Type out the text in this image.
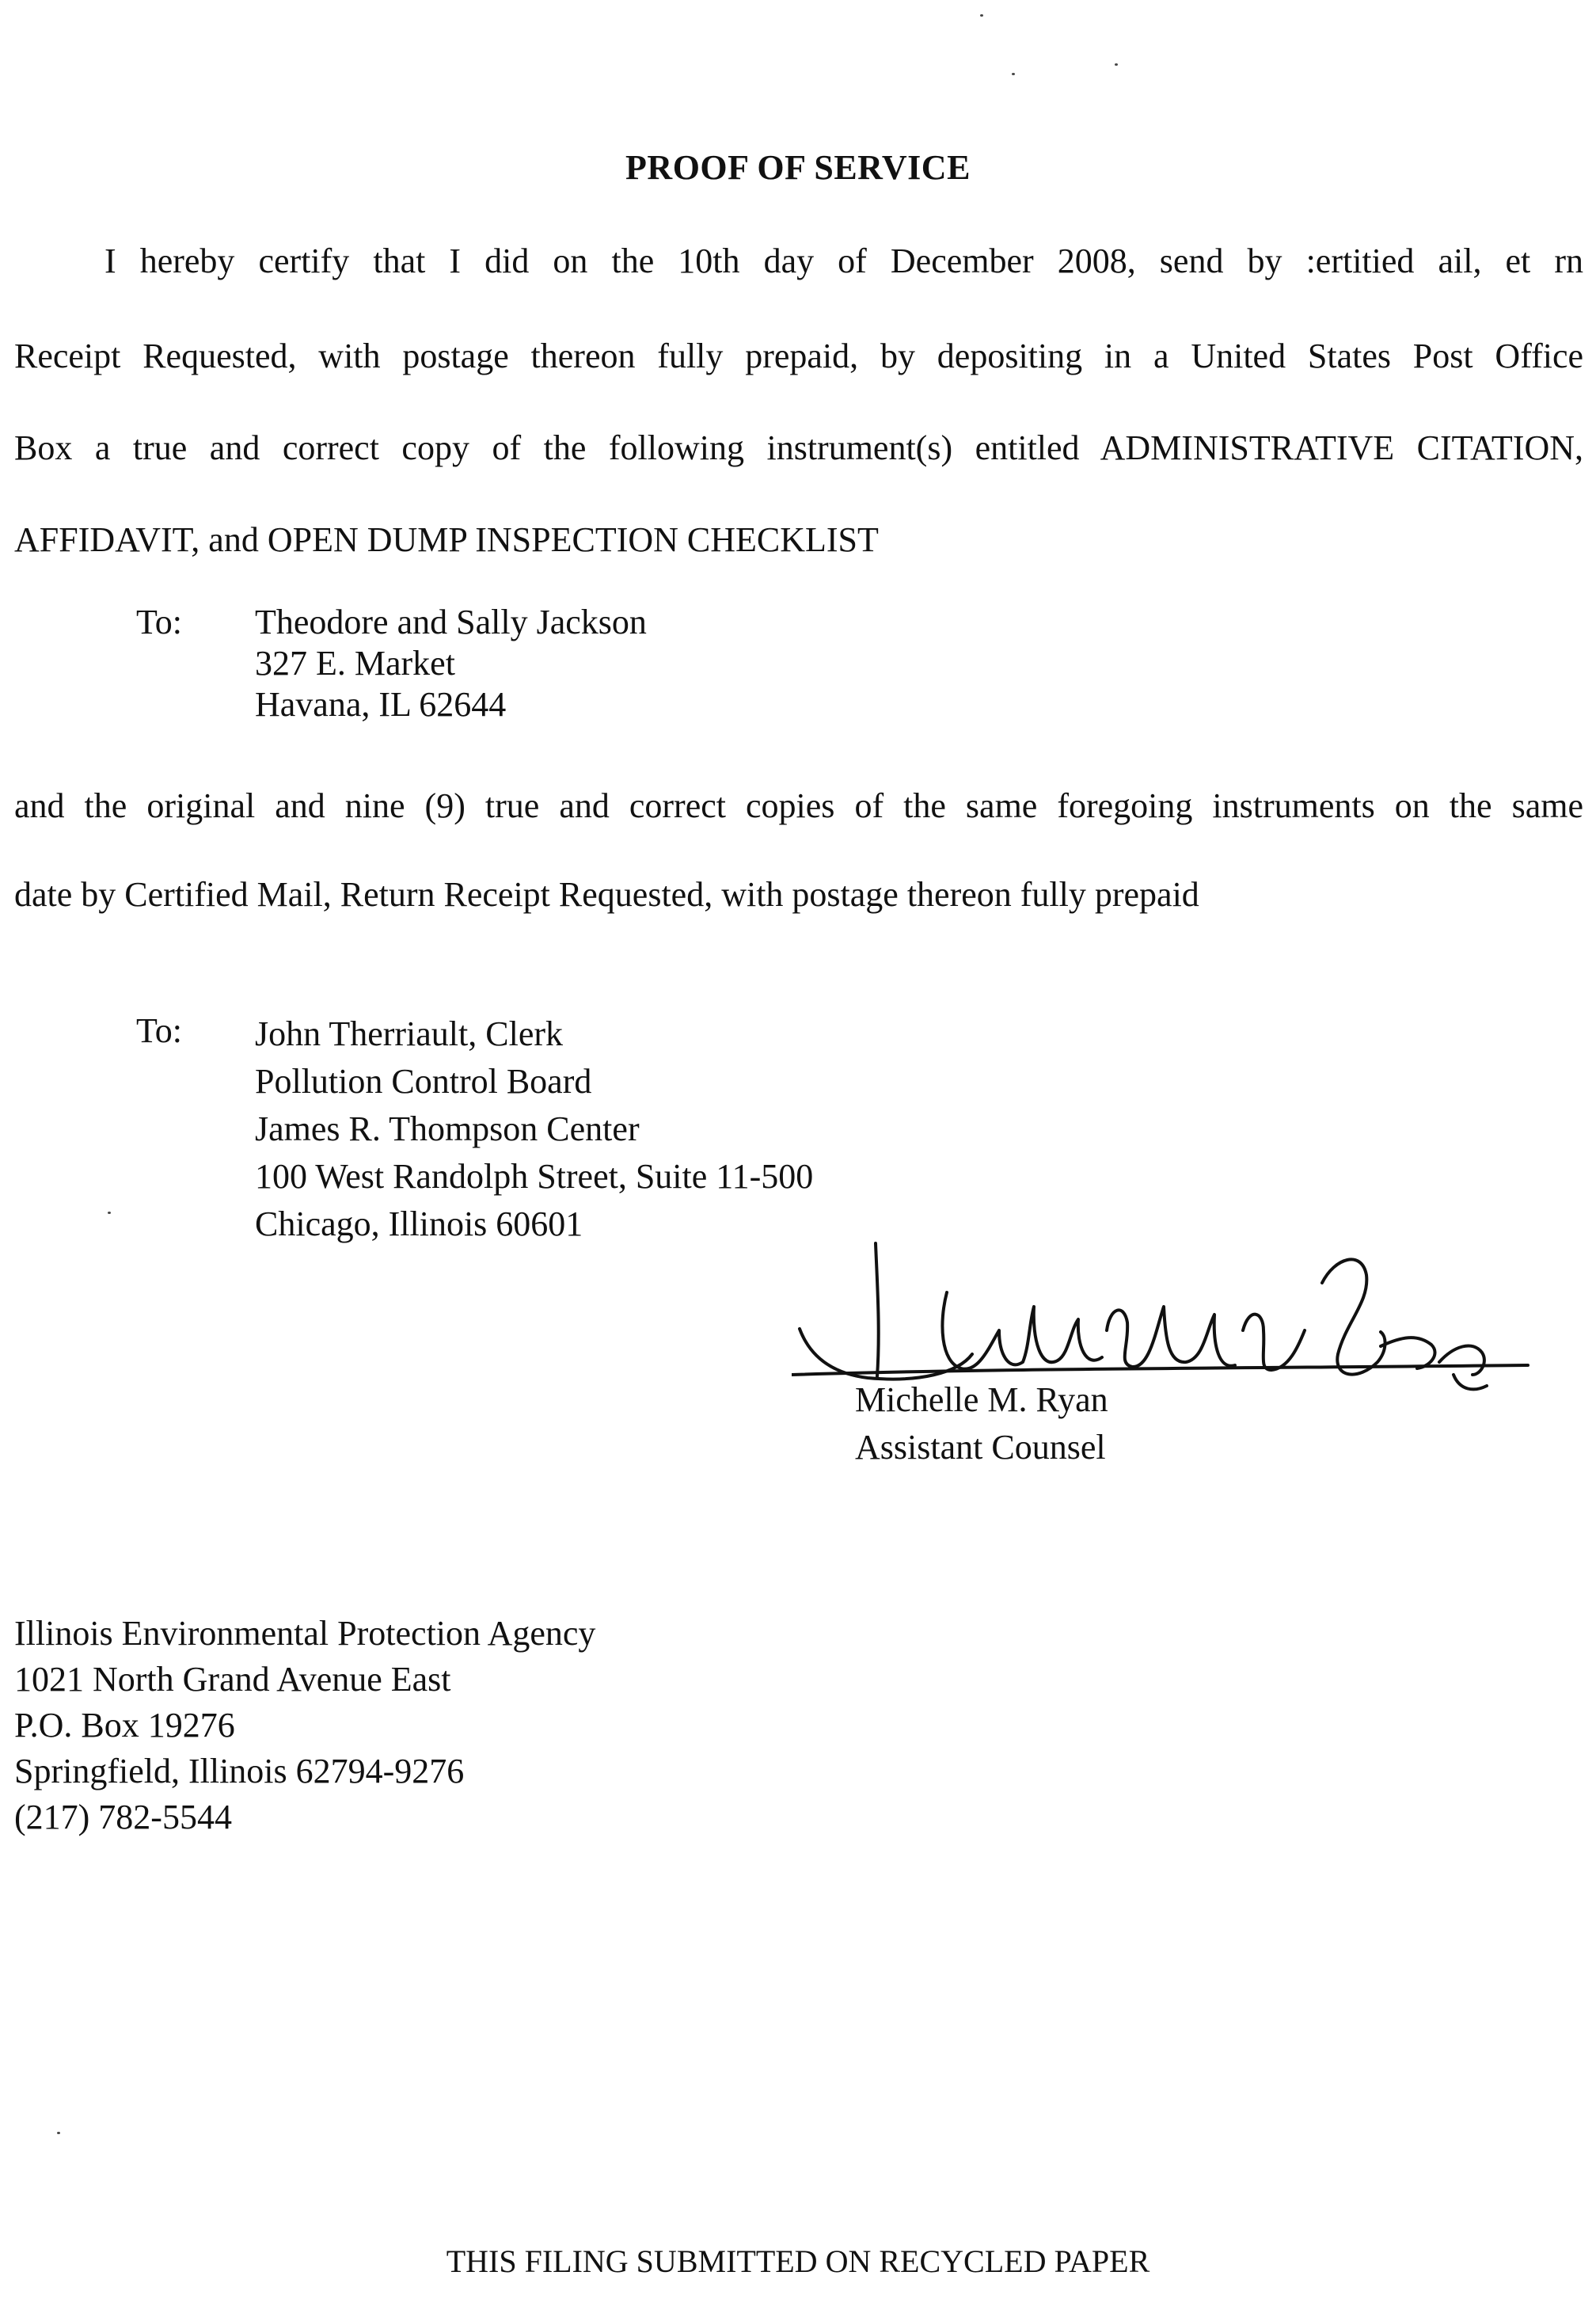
PROOF OF SERVICE
I hereby certify that I did on the 10th day of December 2008, send by :ertitied ail, et rn
Receipt Requested, with postage thereon fully prepaid, by depositing in a United States Post Office
Box a true and correct copy of the following instrument(s) entitled ADMINISTRATIVE CITATION,
AFFIDAVIT, and OPEN DUMP INSPECTION CHECKLIST
To: Theodore and Sally Jackson
327 E. Market
Havana, IL 62644
and the original and nine (9) true and correct copies of the same foregoing instruments on the same
date by Certified Mail, Return Receipt Requested, with postage thereon fully prepaid
To: John Therriault, Clerk
Pollution Control Board
James R. Thompson Center
100 West Randolph Street, Suite 11-500
Chicago, Illinois 60601
Michelle M. Ryan
Assistant Counsel
Illinois Environmental Protection Agency
1021 North Grand Avenue East
P.O. Box 19276
Springfield, Illinois 62794-9276
(217) 782-5544
THIS FILING SUBMITTED ON RECYCLED PAPER
